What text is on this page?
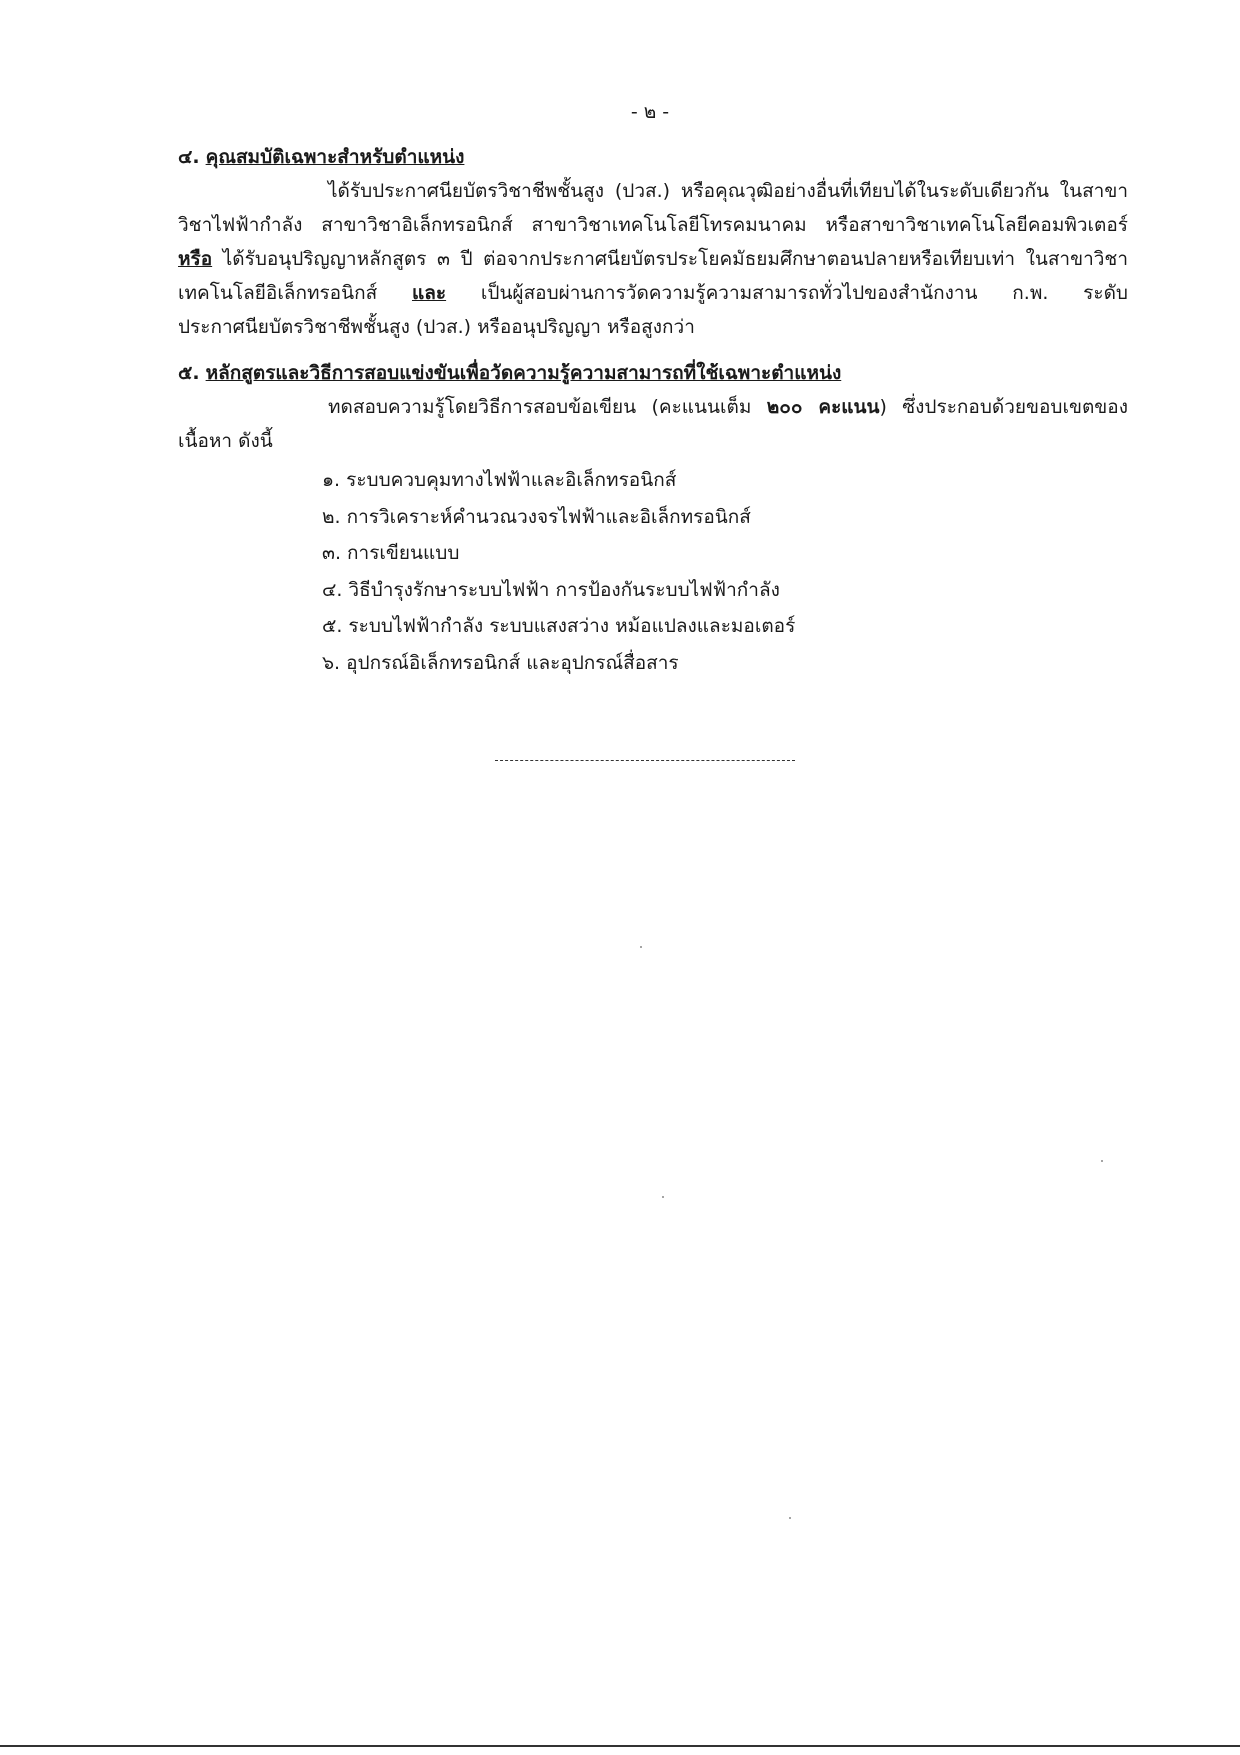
- ๒ -

๔. คุณสมบัติเฉพาะสำหรับตำแหน่ง

ได้รับประกาศนียบัตรวิชาชีพชั้นสูง (ปวส.) หรือคุณวุฒิอย่างอื่นที่เทียบได้ในระดับเดียวกัน ในสาขาวิชาไฟฟ้ากำลัง สาขาวิชาอิเล็กทรอนิกส์ สาขาวิชาเทคโนโลยีโทรคมนาคม หรือสาขาวิชาเทคโนโลยีคอมพิวเตอร์ หรือ ได้รับอนุปริญญาหลักสูตร ๓ ปี ต่อจากประกาศนียบัตรประโยคมัธยมศึกษาตอนปลายหรือเทียบเท่า ในสาขาวิชาเทคโนโลยีอิเล็กทรอนิกส์ และ เป็นผู้สอบผ่านการวัดความรู้ความสามารถทั่วไปของสำนักงาน ก.พ. ระดับประกาศนียบัตรวิชาชีพชั้นสูง (ปวส.) หรืออนุปริญญา หรือสูงกว่า

๕. หลักสูตรและวิธีการสอบแข่งขันเพื่อวัดความรู้ความสามารถที่ใช้เฉพาะตำแหน่ง

ทดสอบความรู้โดยวิธีการสอบข้อเขียน (คะแนนเต็ม ๒๐๐ คะแนน) ซึ่งประกอบด้วยขอบเขตของเนื้อหา ดังนี้

๑. ระบบควบคุมทางไฟฟ้าและอิเล็กทรอนิกส์
๒. การวิเคราะห์คำนวณวงจรไฟฟ้าและอิเล็กทรอนิกส์
๓. การเขียนแบบ
๔. วิธีบำรุงรักษาระบบไฟฟ้า การป้องกันระบบไฟฟ้ากำลัง
๕. ระบบไฟฟ้ากำลัง ระบบแสงสว่าง หม้อแปลงและมอเตอร์
๖. อุปกรณ์อิเล็กทรอนิกส์ และอุปกรณ์สื่อสาร
